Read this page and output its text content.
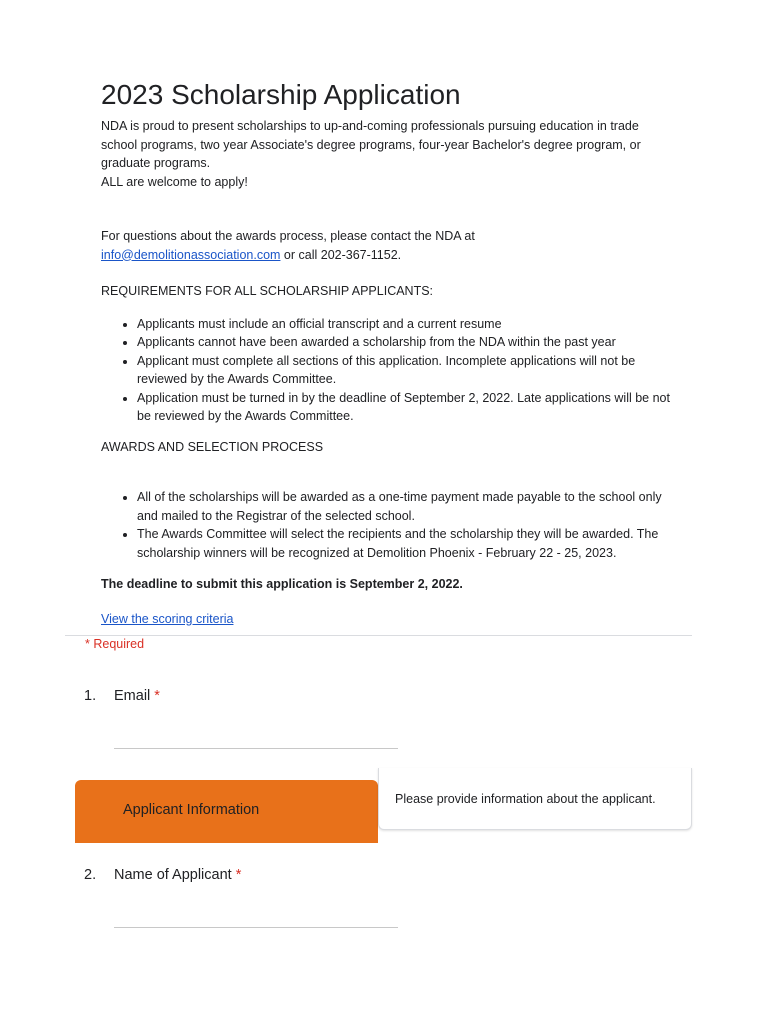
2023 Scholarship Application

NDA is proud to present scholarships to up-and-coming professionals pursuing education in trade school programs, two year Associate's degree programs, four-year Bachelor's degree program, or graduate programs.

ALL are welcome to apply!

For questions about the awards process, please contact the NDA at
info@demolitionassociation.com or call 202-367-1152.

REQUIREMENTS FOR ALL SCHOLARSHIP APPLICANTS:

• Applicants must include an official transcript and a current resume
• Applicants cannot have been awarded a scholarship from the NDA within the past year
• Applicant must complete all sections of this application. Incomplete applications will not be reviewed by the Awards Committee.
• Application must be turned in by the deadline of September 2, 2022. Late applications will be not be reviewed by the Awards Committee.

AWARDS AND SELECTION PROCESS

• All of the scholarships will be awarded as a one-time payment made payable to the school only and mailed to the Registrar of the selected school.
• The Awards Committee will select the recipients and the scholarship they will be awarded. The scholarship winners will be recognized at Demolition Phoenix - February 22 - 25, 2023.

The deadline to submit this application is September 2, 2022.

View the scoring criteria
* Required
1. Email *
Applicant Information
Please provide information about the applicant.
2. Name of Applicant *
